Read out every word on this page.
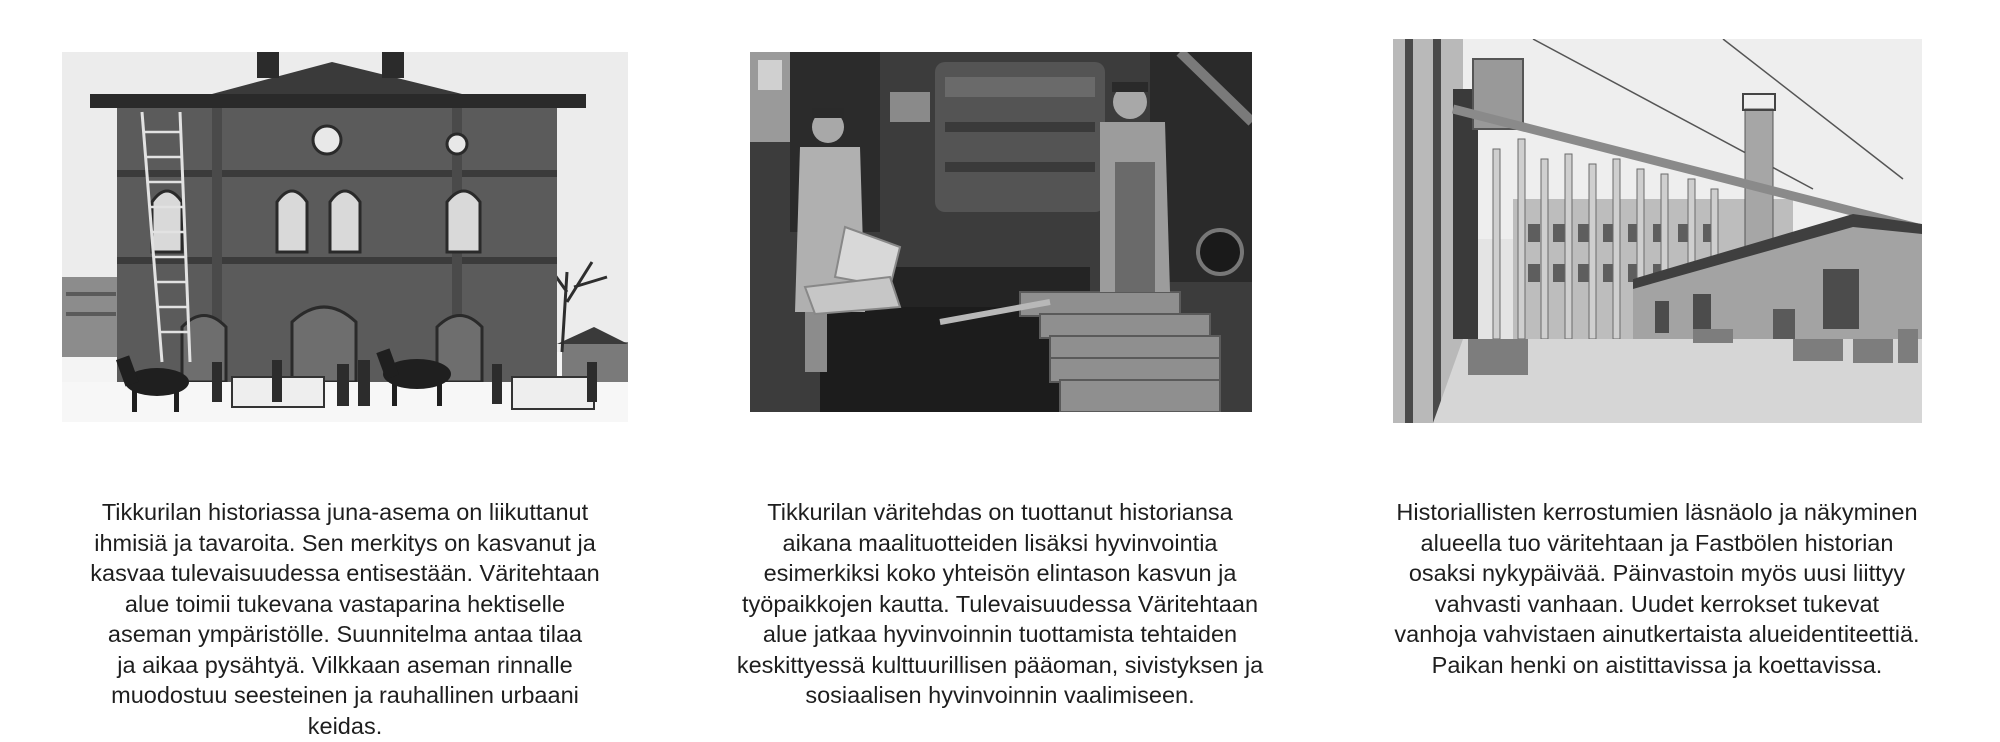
Tikkurilan historiassa juna-asema on liikuttanut
ihmisiä ja tavaroita. Sen merkitys on kasvanut ja
kasvaa tulevaisuudessa entisestään. Väritehtaan
alue toimii tukevana vastaparina hektiselle
aseman ympäristölle. Suunnitelma antaa tilaa
ja aikaa pysähtyä. Vilkkaan aseman rinnalle
muodostuu seesteinen ja rauhallinen urbaani
keidas.

Tikkurilan väritehdas on tuottanut historiansa
aikana maalituotteiden lisäksi hyvinvointia
esimerkiksi koko yhteisön elintason kasvun ja
työpaikkojen kautta. Tulevaisuudessa Väritehtaan
alue jatkaa hyvinvoinnin tuottamista tehtaiden
keskittyessä kulttuurillisen pääoman, sivistyksen ja
sosiaalisen hyvinvoinnin vaalimiseen.

Historiallisten kerrostumien läsnäolo ja näkyminen
alueella tuo väritehtaan ja Fastbölen historian
osaksi nykypäivää. Päinvastoin myös uusi liittyy
vahvasti vanhaan. Uudet kerrokset tukevat
vanhoja vahvistaen ainutkertaista alueidentiteettiä.
Paikan henki on aistittavissa ja koettavissa.
